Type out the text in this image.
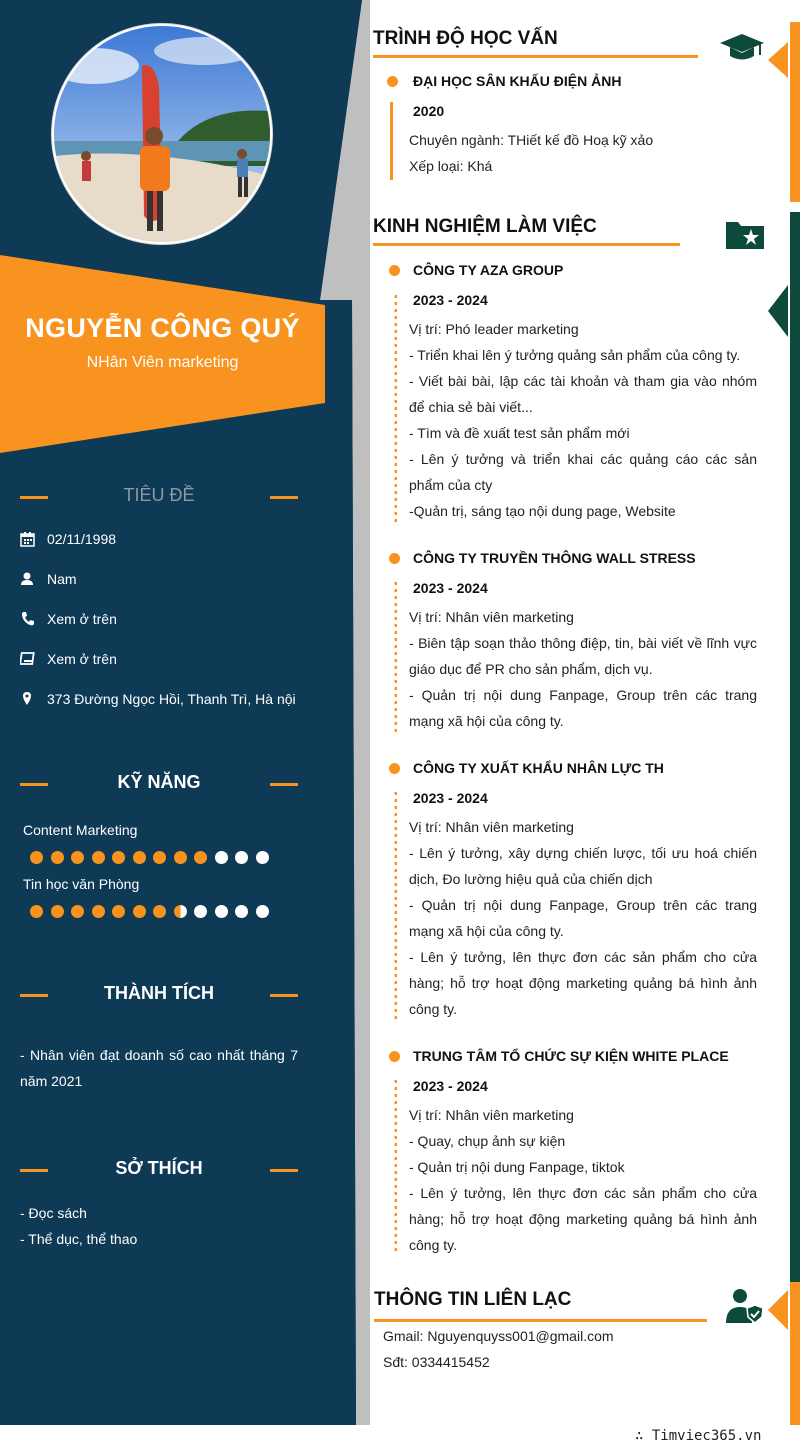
NGUYỄN CÔNG QUÝ
NHân Viên marketing
TIÊU ĐỀ
02/11/1998
Nam
Xem ở trên
Xem ở trên
373 Đường Ngọc Hồi, Thanh Trì, Hà nội
KỸ NĂNG
Content Marketing
Tin học văn Phòng
THÀNH TÍCH
- Nhân viên đạt doanh số cao nhất tháng 7 năm 2021
SỞ THÍCH
- Đọc sách
- Thể dục, thể thao
TRÌNH ĐỘ HỌC VẤN
ĐẠI HỌC SÂN KHẤU ĐIỆN ẢNH
2020
Chuyên ngành: THiết kế đồ Hoạ kỹ xảo
Xếp loại: Khá
KINH NGHIỆM LÀM VIỆC
CÔNG TY AZA GROUP
2023 - 2024
Vị trí: Phó leader marketing
- Triển khai lên ý tưởng quảng sản phẩm của công ty.
- Viết bài bài, lập các tài khoản và tham gia vào nhóm để chia sẻ bài viết...
- Tìm và đề xuất test sản phẩm mới
- Lên ý tưởng và triển khai các quảng cáo các sản phẩm của cty
-Quản trị, sáng tạo nội dung page, Website
CÔNG TY TRUYỀN THÔNG WALL STRESS
2023 - 2024
Vị trí: Nhân viên marketing
- Biên tập soạn thảo thông điệp, tin, bài viết về lĩnh vực giáo dục để PR cho sản phẩm, dịch vụ.
- Quản trị nội dung Fanpage, Group trên các trang mạng xã hội của công ty.
CÔNG TY XUẤT KHẨU NHÂN LỰC TH
2023 - 2024
Vị trí: Nhân viên marketing
- Lên ý tưởng, xây dựng chiến lược, tối ưu hoá chiến dịch, Đo lường hiệu quả của chiến dịch
- Quản trị nội dung Fanpage, Group trên các trang mạng xã hội của công ty.
- Lên ý tưởng, lên thực đơn các sản phẩm cho cửa hàng; hỗ trợ hoạt động marketing quảng bá hình ảnh công ty.
TRUNG TÂM TỔ CHỨC SỰ KIỆN WHITE PLACE
2023 - 2024
Vị trí: Nhân viên marketing
- Quay, chụp ảnh sự kiện
- Quản trị nội dung Fanpage, tiktok
- Lên ý tưởng, lên thực đơn các sản phẩm cho cửa hàng; hỗ trợ hoạt động marketing quảng bá hình ảnh công ty.
THÔNG TIN LIÊN LẠC
Gmail: Nguyenquyss001@gmail.com
Sđt: 0334415452
∴ Timviec365.vn
